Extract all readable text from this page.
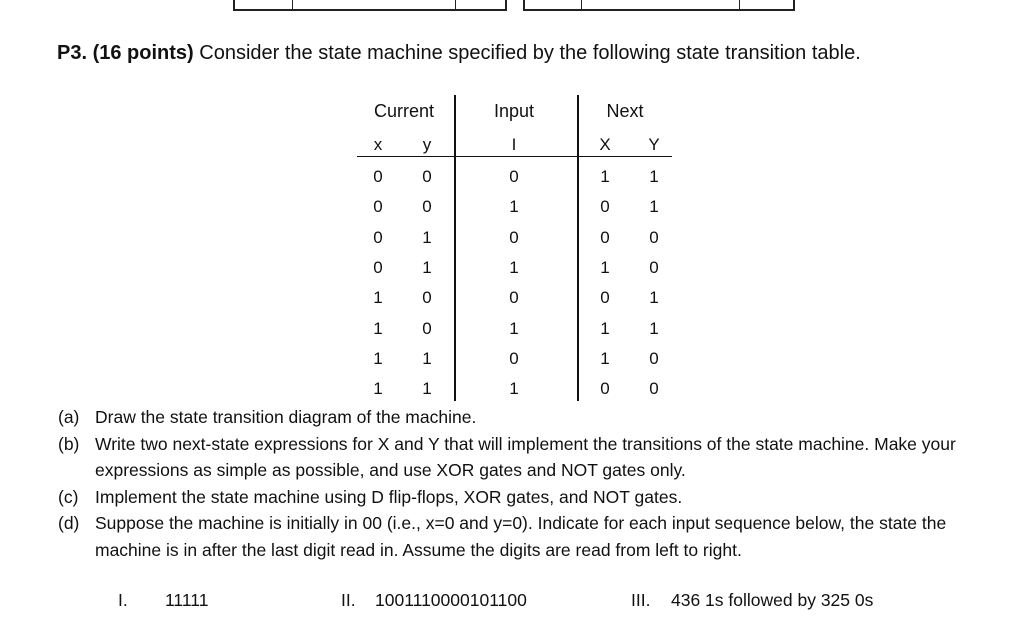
P3. (16 points) Consider the state machine specified by the following state transition table.
Current	Input	Next
x	y	I	X	Y
0	0	0	1	1
0	0	1	0	1
0	1	0	0	0
0	1	1	1	0
1	0	0	0	1
1	0	1	1	1
1	1	0	1	0
1	1	1	0	0
(a) Draw the state transition diagram of the machine.
(b) Write two next-state expressions for X and Y that will implement the transitions of the state machine. Make your expressions as simple as possible, and use XOR gates and NOT gates only.
(c) Implement the state machine using D flip-flops, XOR gates, and NOT gates.
(d) Suppose the machine is initially in 00 (i.e., x=0 and y=0). Indicate for each input sequence below, the state the machine is in after the last digit read in. Assume the digits are read from left to right.
I. 11111	II. 1001110000101100	III. 436 1s followed by 325 0s
